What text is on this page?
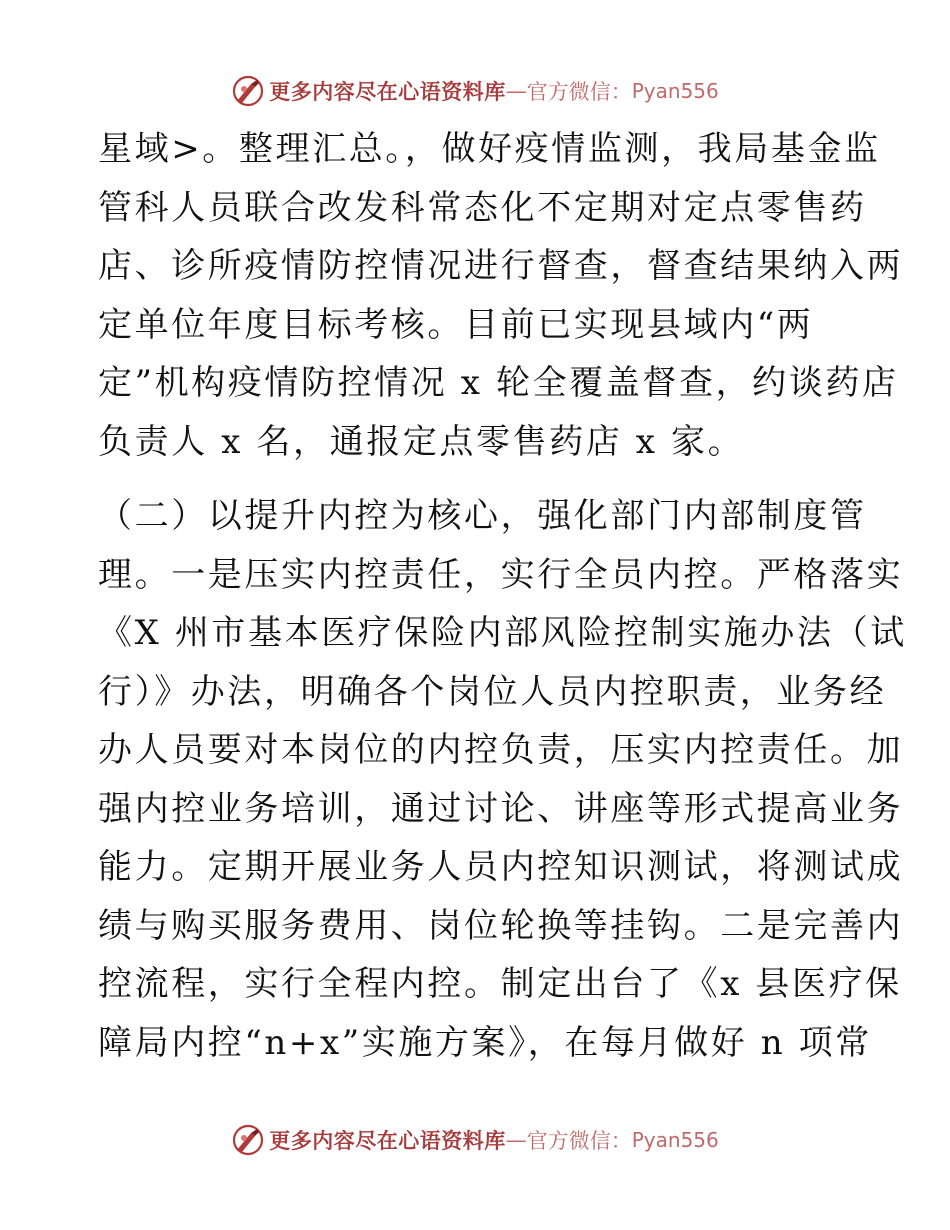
更多内容尽在心语资料库 — 官方微信： Pyan556
星域>。整理汇总。，做好疫情监测，我局基金监
管科人员联合改发科常态化不定期对定点零售药
店、诊所疫情防控情况进行督查，督查结果纳入两
定单位年度目标考核。目前已实现县域内“两
定”机构疫情防控情况 x 轮全覆盖督查，约谈药店
负责人 x 名，通报定点零售药店 x 家。
（二）以提升内控为核心，强化部门内部制度管
理。一是压实内控责任，实行全员内控。严格落实
《X 州市基本医疗保险内部风险控制实施办法（试
行）》办法，明确各个岗位人员内控职责，业务经
办人员要对本岗位的内控负责，压实内控责任。加
强内控业务培训，通过讨论、讲座等形式提高业务
能力。定期开展业务人员内控知识测试，将测试成
绩与购买服务费用、岗位轮换等挂钩。二是完善内
控流程，实行全程内控。制定出台了《x 县医疗保
障局内控“n+x”实施方案》，在每月做好 n 项常
更多内容尽在心语资料库 — 官方微信： Pyan556
